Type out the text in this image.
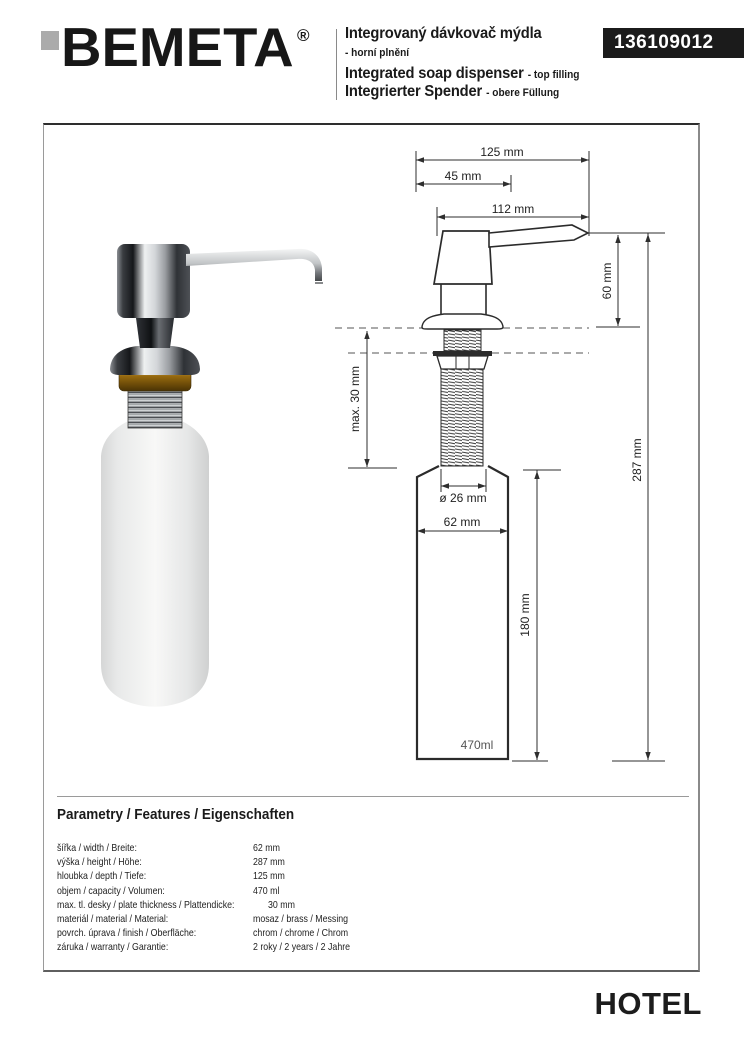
BEMETA ® Integrovaný dávkovač mýdla
- horní plnění
Integrated soap dispenser - top filling
Integrierter Spender - obere Füllung
136109012
125 mm
45 mm
112 mm
60 mm
287 mm
max. 30 mm
ø 26 mm
62 mm
180 mm
470ml
Parametry / Features / Eigenschaften
šířka / width / Breite:	62 mm
výška / height / Höhe:	287 mm
hloubka / depth / Tiefe:	125 mm
objem / capacity / Volumen:	470 ml
max. tl. desky / plate thickness / Plattendicke:	30 mm
materiál / material / Material:	mosaz / brass / Messing
povrch. úprava / finish / Oberfläche:	chrom / chrome / Chrom
záruka / warranty / Garantie:	2 roky / 2 years / 2 Jahre
HOTEL
